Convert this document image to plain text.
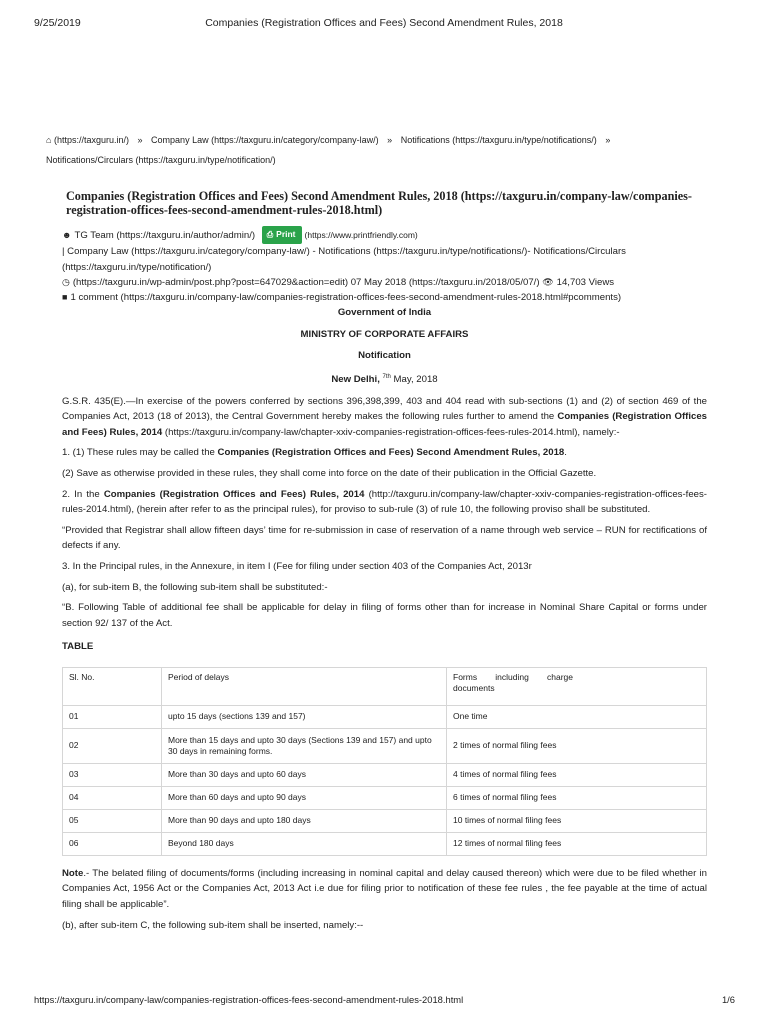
9/25/2019	Companies (Registration Offices and Fees) Second Amendment Rules, 2018
⌂ (https://taxguru.in/) » Company Law (https://taxguru.in/category/company-law/) » Notifications (https://taxguru.in/type/notifications/) »
Notifications/Circulars (https://taxguru.in/type/notification/)
Companies (Registration Offices and Fees) Second Amendment Rules, 2018 (https://taxguru.in/company-law/companies-registration-offices-fees-second-amendment-rules-2018.html)
☻ TG Team (https://taxguru.in/author/admin/) ⎙ Print (https://www.printfriendly.com)
| Company Law (https://taxguru.in/category/company-law/) - Notifications (https://taxguru.in/type/notifications/)- Notifications/Circulars (https://taxguru.in/type/notification/)
◷ (https://taxguru.in/wp-admin/post.php?post=647029&action=edit) 07 May 2018 (https://taxguru.in/2018/05/07/) 👁 14,703 Views
■ 1 comment (https://taxguru.in/company-law/companies-registration-offices-fees-second-amendment-rules-2018.html#pcomments)

Government of India

MINISTRY OF CORPORATE AFFAIRS

Notification

New Delhi, $^{7th}$ May, 2018

G.S.R. 435(E).—In exercise of the powers conferred by sections 396,398,399, 403 and 404 read with sub-sections (1) and (2) of section 469 of the Companies Act, 2013 (18 of 2013), the Central Government hereby makes the following rules further to amend the Companies (Registration Offices and Fees) Rules, 2014 (https://taxguru.in/company-law/chapter-xxiv-companies-registration-offices-fees-rules-2014.html), namely:-

1. (1) These rules may be called the Companies (Registration Offices and Fees) Second Amendment Rules, 2018.

(2) Save as otherwise provided in these rules, they shall come into force on the date of their publication in the Official Gazette.

2. In the Companies (Registration Offices and Fees) Rules, 2014 (http://taxguru.in/company-law/chapter-xxiv-companies-registration-offices-fees-rules-2014.html), (herein after refer to as the principal rules), for proviso to sub-rule (3) of rule 10, the following proviso shall be substituted.

“Provided that Registrar shall allow fifteen days’ time for re-submission in case of reservation of a name through web service – RUN for rectifications of defects if any.

3. In the Principal rules, in the Annexure, in item I (Fee for filing under section 403 of the Companies Act, 2013r

(a), for sub-item B, the following sub-item shall be substituted:-

“B. Following Table of additional fee shall be applicable for delay in filing of forms other than for increase in Nominal Share Capital or forms under section 92/ 137 of the Act.

TABLE

Sl. No.	Period of delays	Forms including charge documents

01	upto 15 days (sections 139 and 157)	One time
02	More than 15 days and upto 30 days (Sections 139 and 157) and upto 30 days in remaining forms.	2 times of normal filing fees
03	More than 30 days and upto 60 days	4 times of normal filing fees
04	More than 60 days and upto 90 days	6 times of normal filing fees
05	More than 90 days and upto 180 days	10 times of normal filing fees
06	Beyond 180 days	12 times of normal filing fees

Note.- The belated filing of documents/forms (including increasing in nominal capital and delay caused thereon) which were due to be filed whether in Companies Act, 1956 Act or the Companies Act, 2013 Act i.e due for filing prior to notification of these fee rules , the fee payable at the time of actual filing shall be applicable”.

(b), after sub-item C, the following sub-item shall be inserted, namely:--

https://taxguru.in/company-law/companies-registration-offices-fees-second-amendment-rules-2018.html	1/6
